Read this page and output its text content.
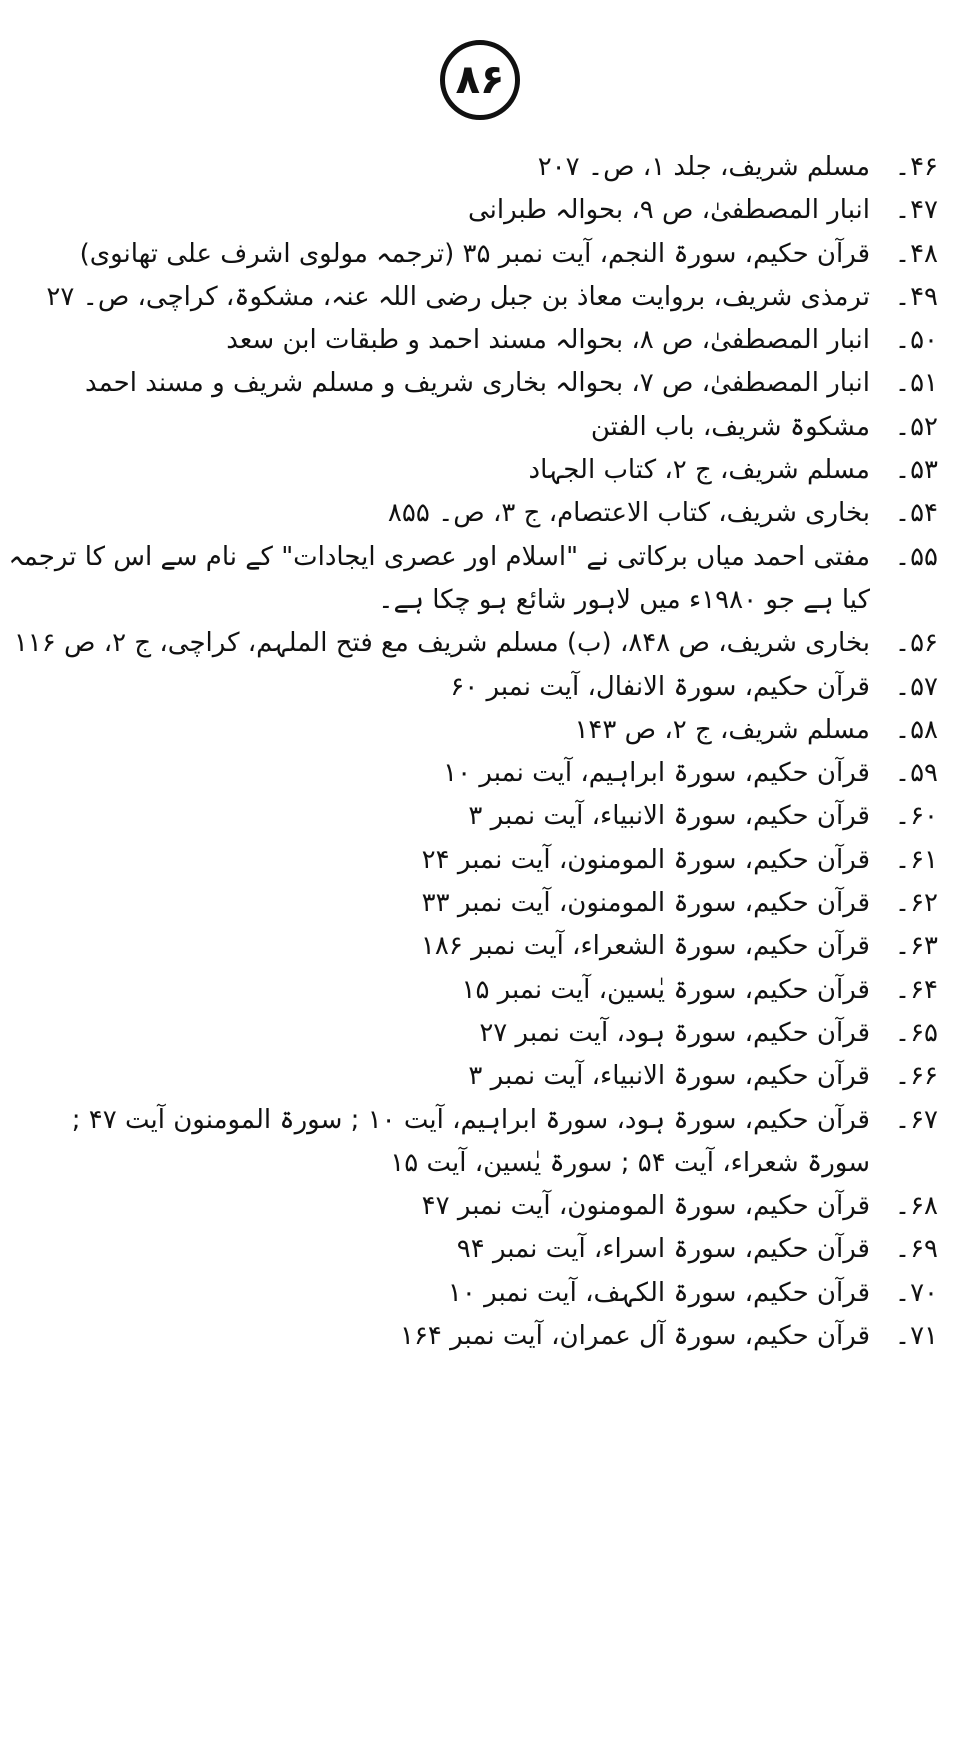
۸۶
۴۶۔
مسلم شریف، جلد ۱، ص۔ ۲۰۷
۴۷۔
انبار المصطفیٰ، ص ۹، بحوالہ طبرانی
۴۸۔
قرآن حکیم، سورۃ النجم، آیت نمبر ۳۵ (ترجمہ مولوی اشرف علی تھانوی)
۴۹۔
ترمذی شریف، بروایت معاذ بن جبل رضی اللہ عنہ، مشکوۃ، کراچی، ص۔ ۲۷
۵۰۔
انبار المصطفیٰ، ص ۸، بحوالہ مسند احمد و طبقات ابن سعد
۵۱۔
انبار المصطفیٰ، ص ۷، بحوالہ بخاری شریف و مسلم شریف و مسند احمد
۵۲۔
مشکوۃ شریف، باب الفتن
۵۳۔
مسلم شریف، ج ۲، کتاب الجہاد
۵۴۔
بخاری شریف، کتاب الاعتصام، ج ۳، ص۔ ۸۵۵
۵۵۔
مفتی احمد میاں برکاتی نے "اسلام اور عصری ایجادات" کے نام سے اس کا ترجمہ کیا ہے جو ۱۹۸۰ء میں لاہور شائع ہو چکا ہے۔
۵۶۔
بخاری شریف، ص ۸۴۸، (ب) مسلم شریف مع فتح الملہم، کراچی، ج ۲، ص ۱۱۶
۵۷۔
قرآن حکیم، سورۃ الانفال، آیت نمبر ۶۰
۵۸۔
مسلم شریف، ج ۲، ص ۱۴۳
۵۹۔
قرآن حکیم، سورۃ ابراہیم، آیت نمبر ۱۰
۶۰۔
قرآن حکیم، سورۃ الانبیاء، آیت نمبر ۳
۶۱۔
قرآن حکیم، سورۃ المومنون، آیت نمبر ۲۴
۶۲۔
قرآن حکیم، سورۃ المومنون، آیت نمبر ۳۳
۶۳۔
قرآن حکیم، سورۃ الشعراء، آیت نمبر ۱۸۶
۶۴۔
قرآن حکیم، سورۃ یٰسین، آیت نمبر ۱۵
۶۵۔
قرآن حکیم، سورۃ ہود، آیت نمبر ۲۷
۶۶۔
قرآن حکیم، سورۃ الانبیاء، آیت نمبر ۳
۶۷۔
قرآن حکیم، سورۃ ہود، سورۃ ابراہیم، آیت ۱۰ ; سورۃ المومنون آیت ۴۷ ; سورۃ شعراء، آیت ۵۴ ; سورۃ یٰسین، آیت ۱۵
۶۸۔
قرآن حکیم، سورۃ المومنون، آیت نمبر ۴۷
۶۹۔
قرآن حکیم، سورۃ اسراء، آیت نمبر ۹۴
۷۰۔
قرآن حکیم، سورۃ الکہف، آیت نمبر ۱۰
۷۱۔
قرآن حکیم، سورۃ آل عمران، آیت نمبر ۱۶۴
